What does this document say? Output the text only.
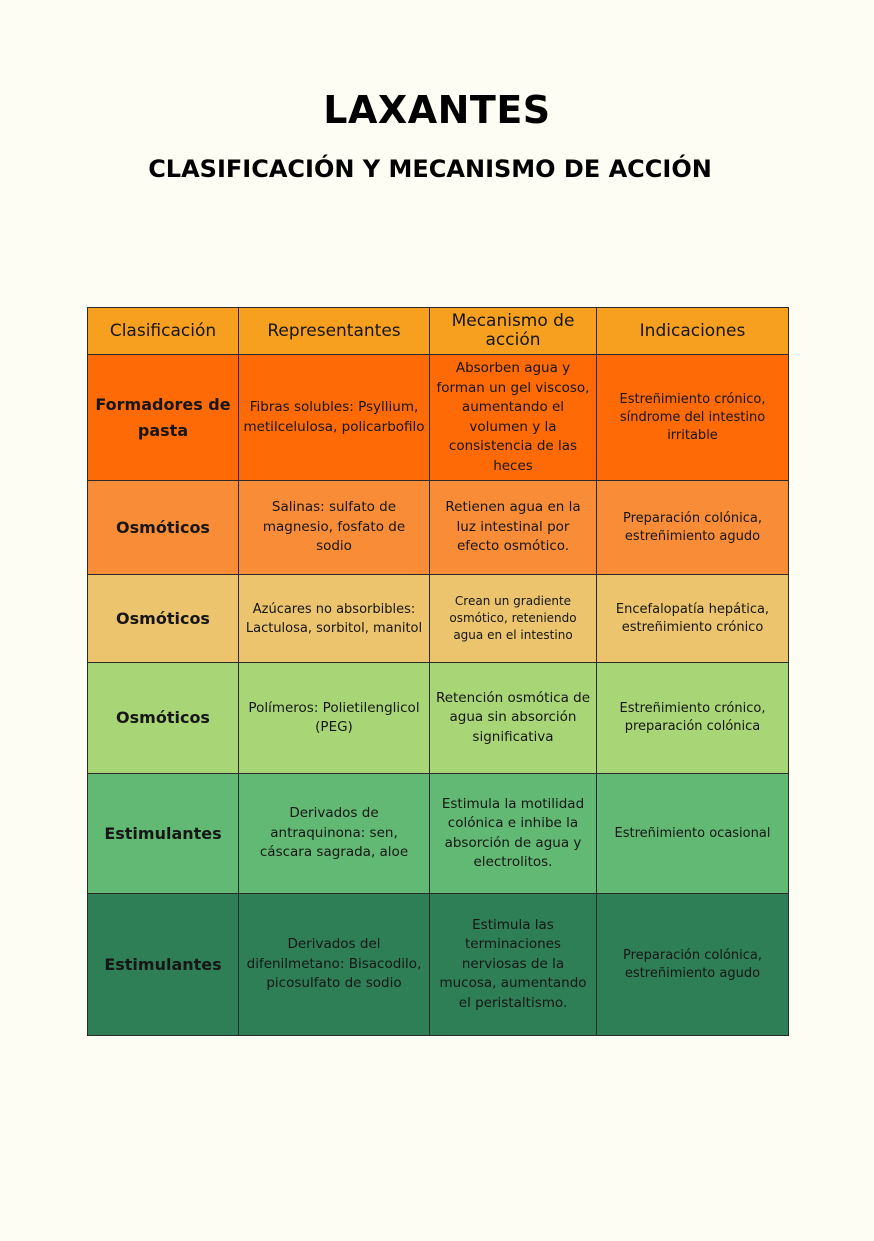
LAXANTES
CLASIFICACIÓN Y MECANISMO DE ACCIÓN
Clasificación	Representantes	Mecanismo de acción	Indicaciones
Formadores de pasta	Fibras solubles: Psyllium, metilcelulosa, policarbofilo	Absorben agua y forman un gel viscoso, aumentando el volumen y la consistencia de las heces	Estreñimiento crónico, síndrome del intestino irritable
Osmóticos	Salinas: sulfato de magnesio, fosfato de sodio	Retienen agua en la luz intestinal por efecto osmótico.	Preparación colónica, estreñimiento agudo
Osmóticos	Azúcares no absorbibles: Lactulosa, sorbitol, manitol	Crean un gradiente osmótico, reteniendo agua en el intestino	Encefalopatía hepática, estreñimiento crónico
Osmóticos	Polímeros: Polietilenglicol (PEG)	Retención osmótica de agua sin absorción significativa	Estreñimiento crónico, preparación colónica
Estimulantes	Derivados de antraquinona: sen, cáscara sagrada, aloe	Estimula la motilidad colónica e inhibe la absorción de agua y electrolitos.	Estreñimiento ocasional
Estimulantes	Derivados del difenilmetano: Bisacodilo, picosulfato de sodio	Estimula las terminaciones nerviosas de la mucosa, aumentando el peristaltismo.	Preparación colónica, estreñimiento agudo
